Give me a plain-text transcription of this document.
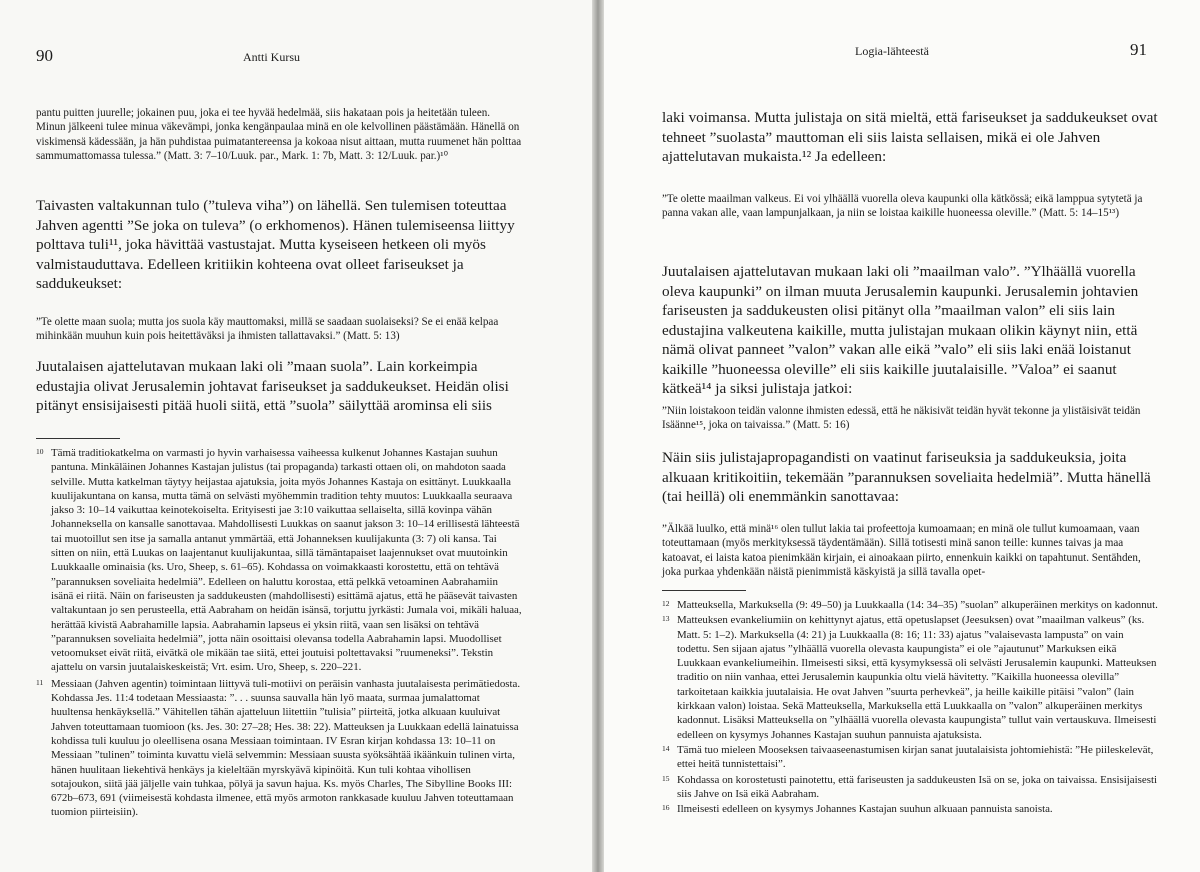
90	Antti Kursu

pantu puitten juurelle; jokainen puu, joka ei tee hyvää hedelmää, siis hakataan pois ja heitetään tuleen. Minun jälkeeni tulee minua väkevämpi, jonka kengänpaulaa minä en ole kelvollinen päästämään. Hänellä on viskimensä kädessään, ja hän puhdistaa puimatantereensa ja kokoaa nisut aittaan, mutta ruumenet hän polttaa sammumattomassa tulessa.” (Matt. 3: 7–10/Luuk. par., Mark. 1: 7b, Matt. 3: 12/Luuk. par.)¹⁰

Taivasten valtakunnan tulo (”tuleva viha”) on lähellä. Sen tulemisen toteuttaa Jahven agentti ”Se joka on tuleva” (o erkhomenos). Hänen tulemiseensa liittyy polttava tuli¹¹, joka hävittää vastustajat. Mutta kyseiseen hetkeen oli myös valmistauduttava. Edelleen kritiikin kohteena ovat olleet fariseukset ja saddukeukset:

”Te olette maan suola; mutta jos suola käy mauttomaksi, millä se saadaan suolaiseksi? Se ei enää kelpaa mihinkään muuhun kuin pois heitettäväksi ja ihmisten tallattavaksi.” (Matt. 5: 13)

Juutalaisen ajattelutavan mukaan laki oli ”maan suola”. Lain korkeimpia edustajia olivat Jerusalemin johtavat fariseukset ja saddukeukset. Heidän olisi pitänyt ensisijaisesti pitää huoli siitä, että ”suola” säilyttää arominsa eli siis

10 Tämä traditiokatkelma on varmasti jo hyvin varhaisessa vaiheessa kulkenut Johannes Kastajan suuhun pantuna. Minkäläinen Johannes Kastajan julistus (tai propaganda) tarkasti ottaen oli, on mahdoton saada selville. Mutta katkelman täytyy heijastaa ajatuksia, joita myös Johannes Kastaja on esittänyt. Luukkaalla kuulijakuntana on kansa, mutta tämä on selvästi myöhemmin tradition tehty muutos: Luukkaalla seuraava jakso 3: 10–14 vaikuttaa keinotekoiselta. Erityisesti jae 3:10 vaikuttaa sellaiselta, sillä kovinpa vähän Johanneksella on kansalle sanottavaa. Mahdollisesti Luukkas on saanut jakson 3: 10–14 erillisestä lähteestä tai muotoillut sen itse ja samalla antanut ymmärtää, että Johanneksen kuulijakunta (3: 7) oli kansa. Tai sitten on niin, että Luukas on laajentanut kuulijakuntaa, sillä tämäntapaiset laajennukset ovat muutoinkin Luukkaalle ominaisia (ks. Uro, Sheep, s. 61–65). Kohdassa on voimakkaasti korostettu, että on tehtävä ”parannuksen soveliaita hedelmiä”. Edelleen on haluttu korostaa, että pelkkä vetoaminen Aabrahamiin isänä ei riitä. Näin on fariseusten ja saddukeusten (mahdollisesti) esittämä ajatus, että he pääsevät taivasten valtakuntaan jo sen perusteella, että Aabraham on heidän isänsä, torjuttu jyrkästi: Jumala voi, mikäli haluaa, herättää kivistä Aabrahamille lapsia. Aabrahamin lapseus ei yksin riitä, vaan sen lisäksi on tehtävä ”parannuksen soveliaita hedelmiä”, jotta näin osoittaisi olevansa todella Aabrahamin lapsi. Muodolliset vetoomukset eivät riitä, eivätkä ole mikään tae siitä, ettei joutuisi poltettavaksi ”ruumeneksi”. Tekstin ajattelu on varsin juutalaiskeskeistä; Vrt. esim. Uro, Sheep, s. 220–221.
11 Messiaan (Jahven agentin) toimintaan liittyvä tuli-motiivi on peräisin vanhasta juutalaisesta perimätiedosta. Kohdassa Jes. 11:4 todetaan Messiaasta: ”. . . suunsa sauvalla hän lyö maata, surmaa jumalattomat huultensa henkäyksellä.” Vähitellen tähän ajatteluun liitettiin ”tulisia” piirteitä, jotka alkuaan kuuluivat Jahven toteuttamaan tuomioon (ks. Jes. 30: 27–28; Hes. 38: 22). Matteuksen ja Luukkaan edellä lainatuissa kohdissa tuli kuuluu jo oleellisena osana Messiaan toimintaan. IV Esran kirjan kohdassa 13: 10–11 on Messiaan ”tulinen” toiminta kuvattu vielä selvemmin: Messiaan suusta syöksähtää ikäänkuin tulinen virta, hänen huulitaan liekehtivä henkäys ja kieleltään myrskyävä kipinöitä. Kun tuli kohtaa vihollisen sotajoukon, siitä jää jäljelle vain tuhkaa, pölyä ja savun hajua. Ks. myös Charles, The Sibylline Books III: 672b–673, 691 (viimeisestä kohdasta ilmenee, että myös armoton rankkasade kuuluu Jahven toteuttamaan tuomion piirteisiin).
Logia-lähteestä	91

laki voimansa. Mutta julistaja on sitä mieltä, että fariseukset ja saddukeukset ovat tehneet ”suolasta” mauttoman eli siis laista sellaisen, mikä ei ole Jahven ajattelutavan mukaista.¹² Ja edelleen:

”Te olette maailman valkeus. Ei voi ylhäällä vuorella oleva kaupunki olla kätkössä; eikä lamppua sytytetä ja panna vakan alle, vaan lampunjalkaan, ja niin se loistaa kaikille huoneessa oleville.” (Matt. 5: 14–15¹³)

Juutalaisen ajattelutavan mukaan laki oli ”maailman valo”. ”Ylhäällä vuorella oleva kaupunki” on ilman muuta Jerusalemin kaupunki. Jerusalemin johtavien fariseusten ja saddukeusten olisi pitänyt olla ”maailman valon” eli siis lain edustajina valkeutena kaikille, mutta julistajan mukaan olikin käynyt niin, että nämä olivat panneet ”valon” vakan alle eikä ”valo” eli siis laki enää loistanut kaikille ”huoneessa oleville” eli siis kaikille juutalaisille. ”Valoa” ei saanut kätkeä¹⁴ ja siksi julistaja jatkoi:

”Niin loistakoon teidän valonne ihmisten edessä, että he näkisivät teidän hyvät tekonne ja ylistäisivät teidän Isäänne¹⁵, joka on taivaissa.” (Matt. 5: 16)

Näin siis julistajapropagandisti on vaatinut fariseuksia ja saddukeuksia, joita alkuaan kritikoitiin, tekemään ”parannuksen soveliaita hedelmiä”. Mutta hänellä (tai heillä) oli enemmänkin sanottavaa:

”Älkää luulko, että minä¹⁶ olen tullut lakia tai profeettoja kumoamaan; en minä ole tullut kumoamaan, vaan toteuttamaan (myös merkityksessä täydentämään). Sillä totisesti minä sanon teille: kunnes taivas ja maa katoavat, ei laista katoa pienimkään kirjain, ei ainoakaan piirto, ennenkuin kaikki on tapahtunut. Sentähden, joka purkaa yhdenkään näistä pienimmistä käskyistä ja sillä tavalla opet-

12 Matteuksella, Markuksella (9: 49–50) ja Luukkaalla (14: 34–35) ”suolan” alkuperäinen merkitys on kadonnut.
13 Matteuksen evankeliumiin on kehittynyt ajatus, että opetuslapset (Jeesuksen) ovat ”maailman valkeus” (ks. Matt. 5: 1–2). Markuksella (4: 21) ja Luukkaalla (8: 16; 11: 33) ajatus ”valaisevasta lampusta” on vain todettu. Sen sijaan ajatus ”ylhäällä vuorella olevasta kaupungista” ei ole ”ajautunut” Markuksen eikä Luukkaan evankeliumeihin. Ilmeisesti siksi, että kysymyksessä oli selvästi Jerusalemin kaupunki. Matteuksen traditio on niin vanhaa, ettei Jerusalemin kaupunkia oltu vielä hävitetty. ”Kaikilla huoneessa olevilla” tarkoitetaan kaikkia juutalaisia. He ovat Jahven ”suurta perhevkeä”, ja heille kaikille pitäisi ”valon” (lain kirkkaan valon) loistaa. Sekä Matteuksella, Markuksella että Luukkaalla on ”valon” alkuperäinen merkitys kadonnut. Lisäksi Matteuksella on ”ylhäällä vuorella olevasta kaupungista” tullut vain vertauskuva. Ilmeisesti edelleen on kysymys Johannes Kastajan suuhun pannuista ajatuksista.
14 Tämä tuo mieleen Mooseksen taivaaseenastumisen kirjan sanat juutalaisista johtomiehistä: ”He piileskelevät, ettei heitä tunnistettaisi”.
15 Kohdassa on korostetusti painotettu, että fariseusten ja saddukeusten Isä on se, joka on taivaissa. Ensisijaisesti siis Jahve on Isä eikä Aabraham.
16 Ilmeisesti edelleen on kysymys Johannes Kastajan suuhun alkuaan pannuista sanoista.
